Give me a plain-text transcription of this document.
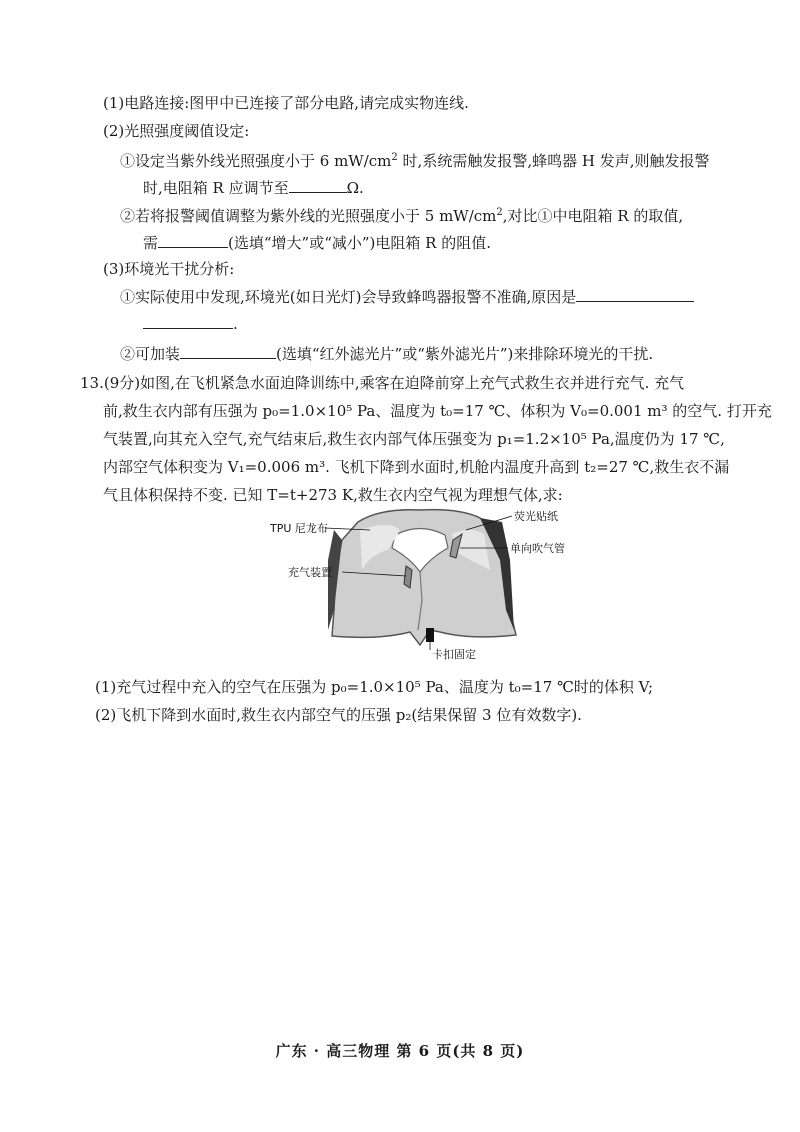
(1)电路连接:图甲中已连接了部分电路,请完成实物连线.
(2)光照强度阈值设定:
①设定当紫外线光照强度小于 6 $mW/cm^2$ 时,系统需触发报警,蜂鸣器 H 发声,则触发报警
时,电阻箱 R 应调节至	Ω.
②若将报警阈值调整为紫外线的光照强度小于 5 $mW/cm^2$,对比①中电阻箱 R 的取值,
需	(选填“增大”或“减小”)电阻箱 R 的阻值.
(3)环境光干扰分析:
①实际使用中发现,环境光(如日光灯)会导致蜂鸣器报警不准确,原因是
.
②可加装	(选填“红外滤光片”或“紫外滤光片”)来排除环境光的干扰.
13.(9分)如图,在飞机紧急水面迫降训练中,乘客在迫降前穿上充气式救生衣并进行充气. 充气
前,救生衣内部有压强为 p₀=1.0×10⁵ Pa、温度为 t₀=17 ℃、体积为 V₀=0.001 m³ 的空气. 打开充
气装置,向其充入空气,充气结束后,救生衣内部气体压强变为 p₁=1.2×10⁵ Pa,温度仍为 17 ℃,
内部空气体积变为 V₁=0.006 m³. 飞机下降到水面时,机舱内温度升高到 t₂=27 ℃,救生衣不漏
气且体积保持不变. 已知 T=t+273 K,救生衣内空气视为理想气体,求:
TPU 尼龙布
充气装置
荧光贴纸
单向吹气管
卡扣固定
(1)充气过程中充入的空气在压强为 p₀=1.0×10⁵ Pa、温度为 t₀=17 ℃时的体积 V;
(2)飞机下降到水面时,救生衣内部空气的压强 p₂(结果保留 3 位有效数字).
广东 · 高三物理 第 6 页(共 8 页)
